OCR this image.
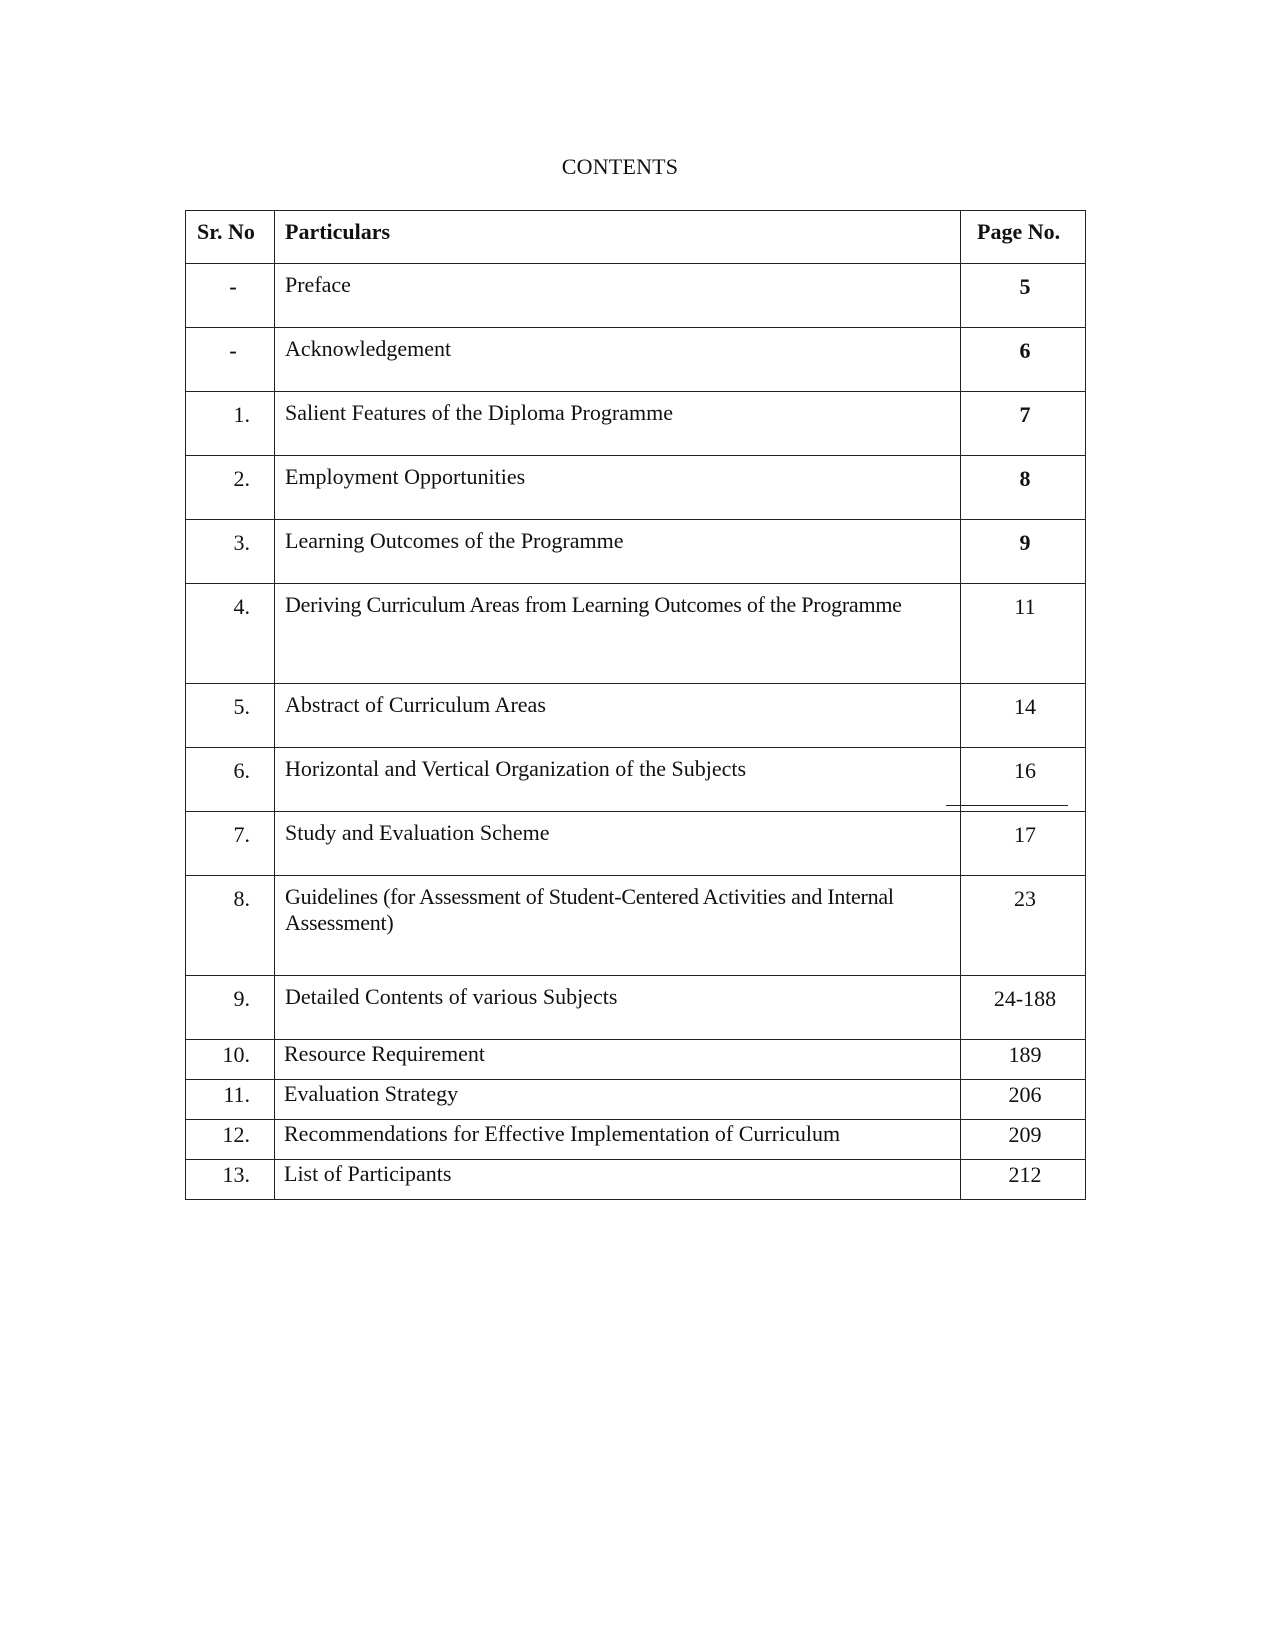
CONTENTS
Sr. No	Particulars	Page No.
-	Preface	5
-	Acknowledgement	6
1.	Salient Features of the Diploma Programme	7
2.	Employment Opportunities	8
3.	Learning Outcomes of the Programme	9
4.	Deriving Curriculum Areas from Learning Outcomes of the Programme	11
5.	Abstract of Curriculum Areas	14
6.	Horizontal and Vertical Organization of the Subjects	16
7.	Study and Evaluation Scheme	17
8.	Guidelines (for Assessment of Student-Centered Activities and Internal Assessment)	23
9.	Detailed Contents of various Subjects	24-188
10.	Resource Requirement	189
11.	Evaluation Strategy	206
12.	Recommendations for Effective Implementation of Curriculum	209
13.	List of Participants	212
